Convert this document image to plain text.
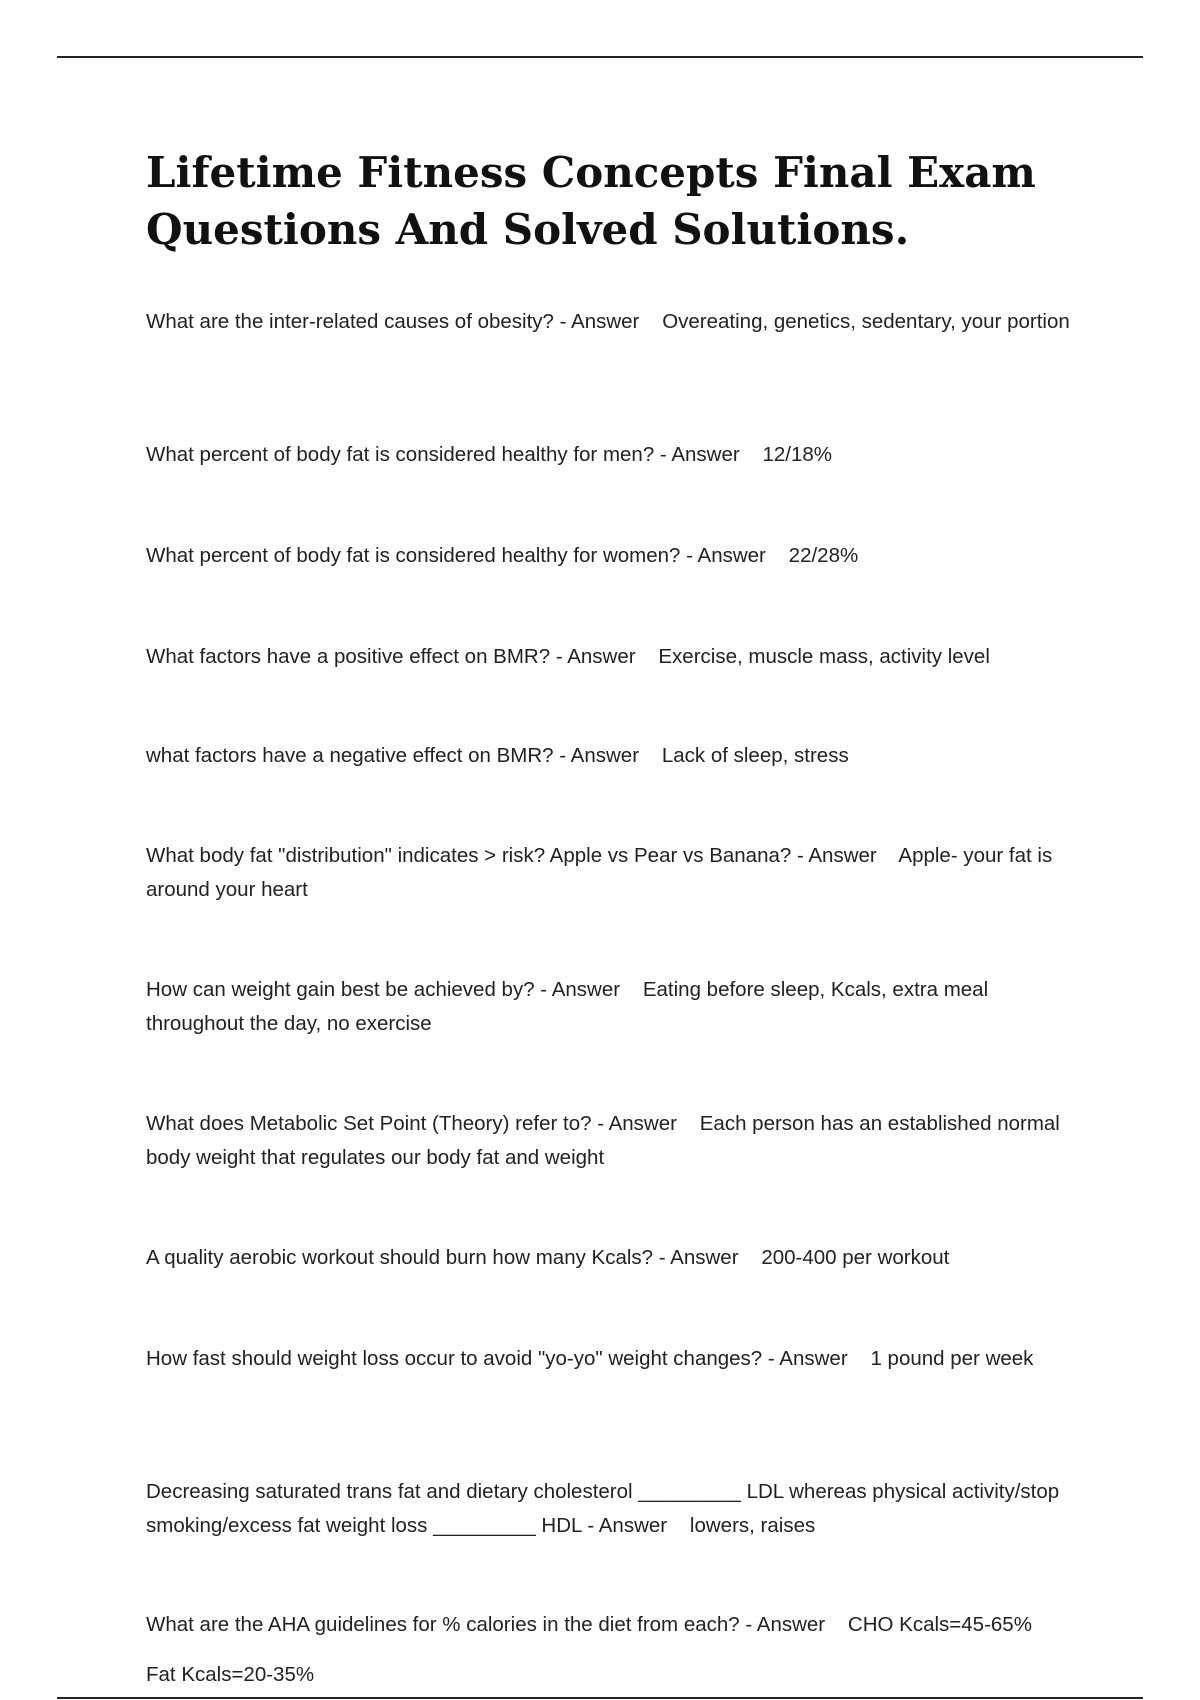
Lifetime Fitness Concepts Final Exam Questions And Solved Solutions.

What are the inter-related causes of obesity? - Answer Overeating, genetics, sedentary, your portion

What percent of body fat is considered healthy for men? - Answer 12/18%

What percent of body fat is considered healthy for women? - Answer 22/28%

What factors have a positive effect on BMR? - Answer Exercise, muscle mass, activity level

what factors have a negative effect on BMR? - Answer Lack of sleep, stress

What body fat "distribution" indicates > risk? Apple vs Pear vs Banana? - Answer Apple- your fat is around your heart

How can weight gain best be achieved by? - Answer Eating before sleep, Kcals, extra meal throughout the day, no exercise

What does Metabolic Set Point (Theory) refer to? - Answer Each person has an established normal body weight that regulates our body fat and weight

A quality aerobic workout should burn how many Kcals? - Answer 200-400 per workout

How fast should weight loss occur to avoid "yo-yo" weight changes? - Answer 1 pound per week

Decreasing saturated trans fat and dietary cholesterol _________ LDL whereas physical activity/stop smoking/excess fat weight loss _________ HDL - Answer lowers, raises

What are the AHA guidelines for % calories in the diet from each? - Answer CHO Kcals=45-65%

Fat Kcals=20-35%
